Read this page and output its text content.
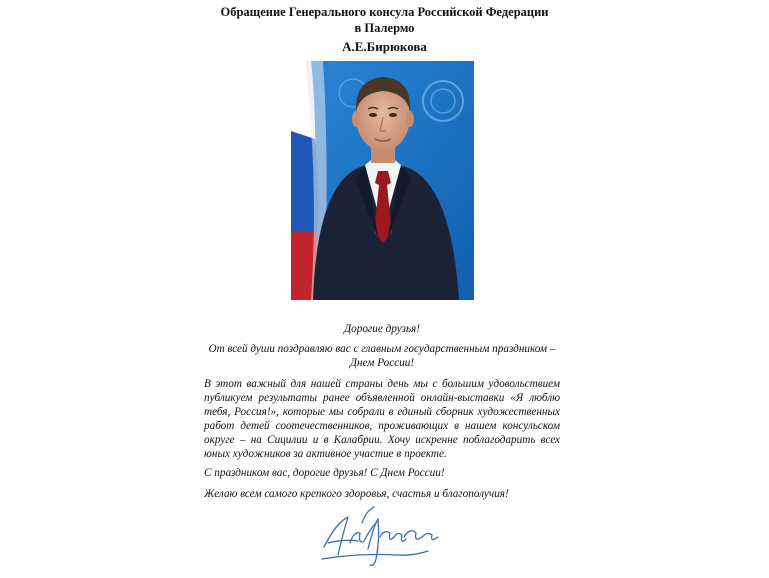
Обращение Генерального консула Российской Федерации
в Палермо
А.Е.Бирюкова
Дорогие друзья!
От всей души поздравляю вас с главным государственным праздником – Днем России!
В этот важный для нашей страны день мы с большим удовольствием публикуем результаты ранее объявленной онлайн-выставки «Я люблю тебя, Россия!», которые мы собрали в единый сборник художественных работ детей соотечественников, проживающих в нашем консульском округе – на Сицилии и в Калабрии. Хочу искренне поблагодарить всех юных художников за активное участие в проекте.
С праздником вас, дорогие друзья! С Днем России!
Желаю всем самого крепкого здоровья, счастья и благополучия!
